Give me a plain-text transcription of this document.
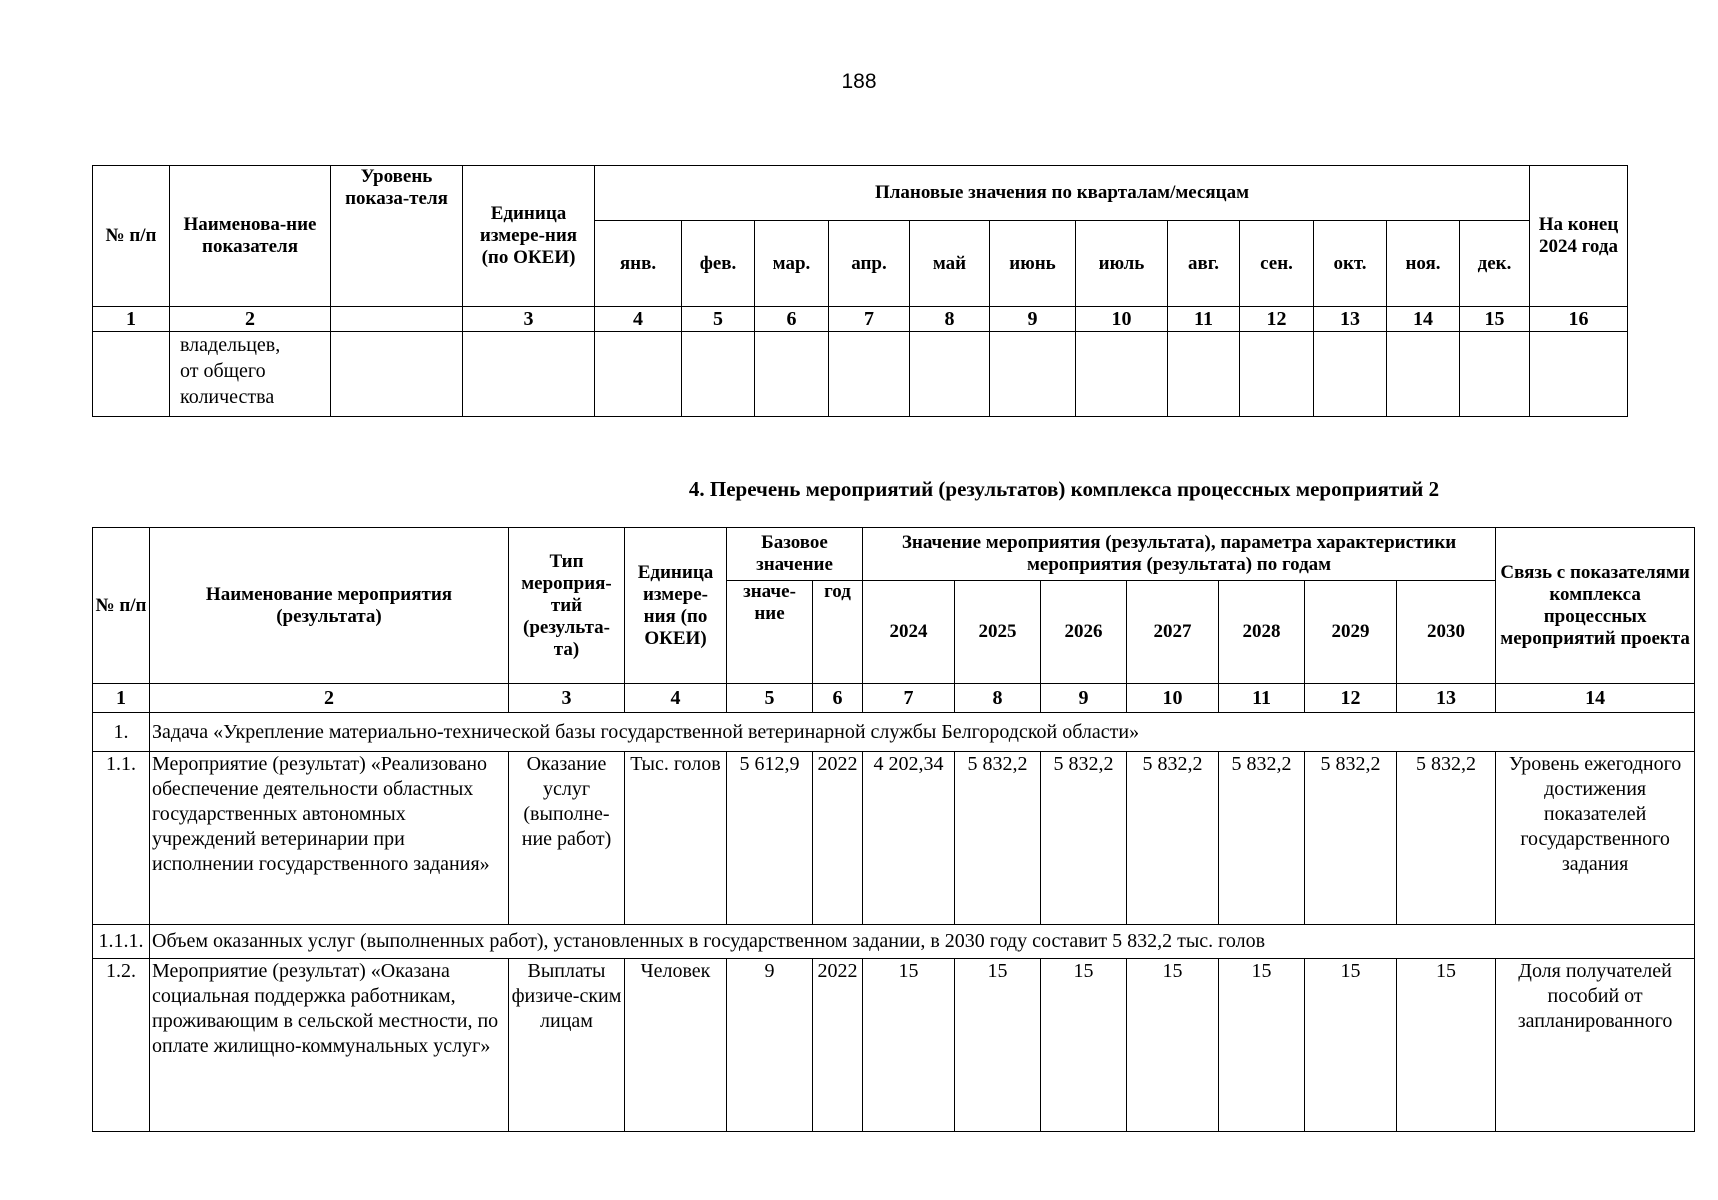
188
№ п/п	Наименова-ние показателя	Уровень показа-теля	Единица измере-ния (по ОКЕИ)	Плановые значения по кварталам/месяцам												На конец 2024 года
				янв.	фев.	мар.	апр.	май	июнь	июль	авг.	сен.	окт.	ноя.	дек.	
1	2		3	4	5	6	7	8	9	10	11	12	13	14	15	16

	владельцев,
от общего
количества															

4. Перечень мероприятий (результатов) комплекса процессных мероприятий 2
№ п/п	Наименование мероприятия (результата)	Тип мероприя-тий (результа-та)	Единица измере-ния (по ОКЕИ)	Базовое значение		Значение мероприятия (результата), параметра характеристики мероприятия (результата) по годам							Связь с показателями комплекса процессных мероприятий проекта
				значе-ние	год	2024	2025	2026	2027	2028	2029	2030	
1	2	3	4	5	6	7	8	9	10	11	12	13	14
1.	Задача «Укрепление материально-технической базы государственной ветеринарной службы Белгородской области»												
1.1.	Мероприятие (результат) «Реализовано обеспечение деятельности областных государственных автономных учреждений ветеринарии при исполнении государственного задания»	Оказание услуг (выполне-ние работ)	Тыс. голов	5 612,9	2022	4 202,34	5 832,2	5 832,2	5 832,2	5 832,2	5 832,2	5 832,2	Уровень ежегодного достижения показателей государственного задания
1.1.1.	Объем оказанных услуг (выполненных работ), установленных в государственном задании, в 2030 году составит 5 832,2 тыс. голов												
1.2.	Мероприятие (результат) «Оказана социальная поддержка работникам, проживающим в сельской местности, по оплате жилищно-коммунальных услуг»	Выплаты физиче-ским лицам	Человек	9	2022	15	15	15	15	15	15	15	Доля получателей пособий от запланированного
